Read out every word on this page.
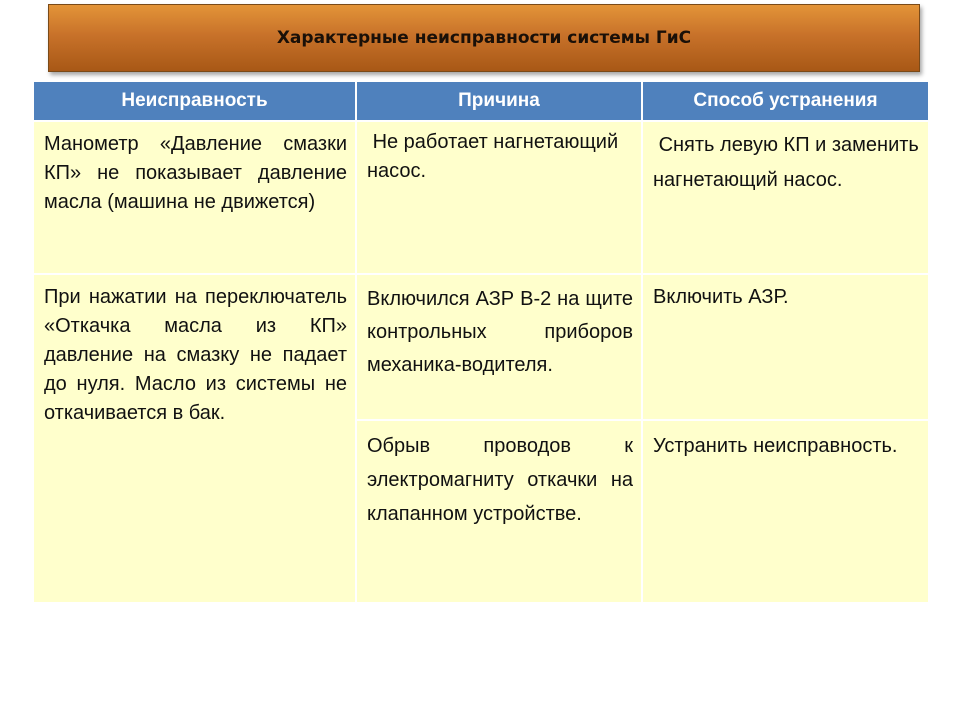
Характерные неисправности системы ГиС
Неисправность	Причина	Способ устранения
Манометр «Давление смазки КП» не показывает давление масла (машина не движется)	Не работает нагнетающий насос.	Снять левую КП и заменить нагнетающий насос.
При нажатии на переключатель «Откачка масла из КП» давление на смазку не падает до нуля. Масло из системы не откачивается в бак.	Включился АЗР В-2 на щите контрольных приборов механика-водителя.	Включить АЗР.
	Обрыв проводов к электромагниту откачки на клапанном устройстве.	Устранить неисправность.
